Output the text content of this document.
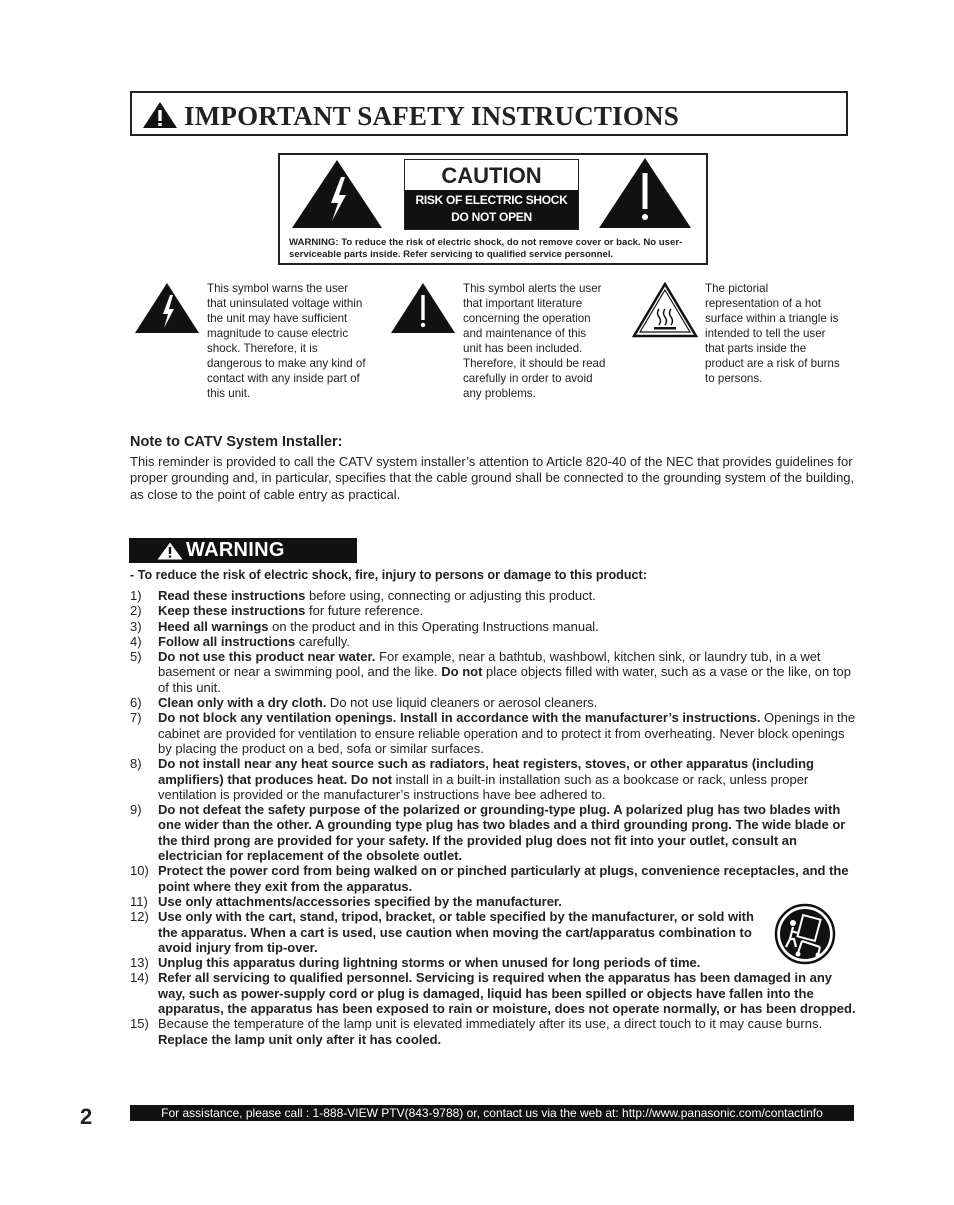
IMPORTANT SAFETY INSTRUCTIONS
CAUTION
RISK OF ELECTRIC SHOCK
DO NOT OPEN
WARNING: To reduce the risk of electric shock, do not remove cover or back. No user-serviceable parts inside. Refer servicing to qualified service personnel.
This symbol warns the user that uninsulated voltage within the unit may have sufficient magnitude to cause electric shock. Therefore, it is dangerous to make any kind of contact with any inside part of this unit.
This symbol alerts the user that important literature concerning the operation and maintenance of this unit has been included. Therefore, it should be read carefully in order to avoid any problems.
The pictorial representation of a hot surface within a triangle is intended to tell the user that parts inside the product are a risk of burns to persons.
Note to CATV System Installer:
This reminder is provided to call the CATV system installer’s attention to Article 820-40 of the NEC that provides guidelines for proper grounding and, in particular, specifies that the cable ground shall be connected to the grounding system of the building, as close to the point of cable entry as practical.
WARNING
- To reduce the risk of electric shock, fire, injury to persons or damage to this product:
1) Read these instructions before using, connecting or adjusting this product.
2) Keep these instructions for future reference.
3) Heed all warnings on the product and in this Operating Instructions manual.
4) Follow all instructions carefully.
5) Do not use this product near water. For example, near a bathtub, washbowl, kitchen sink, or laundry tub, in a wet basement or near a swimming pool, and the like. Do not place objects filled with water, such as a vase or the like, on top of this unit.
6) Clean only with a dry cloth. Do not use liquid cleaners or aerosol cleaners.
7) Do not block any ventilation openings. Install in accordance with the manufacturer’s instructions. Openings in the cabinet are provided for ventilation to ensure reliable operation and to protect it from overheating. Never block openings by placing the product on a bed, sofa or similar surfaces.
8) Do not install near any heat source such as radiators, heat registers, stoves, or other apparatus (including amplifiers) that produces heat. Do not install in a built-in installation such as a bookcase or rack, unless proper ventilation is provided or the manufacturer’s instructions have bee adhered to.
9) Do not defeat the safety purpose of the polarized or grounding-type plug. A polarized plug has two blades with one wider than the other. A grounding type plug has two blades and a third grounding prong. The wide blade or the third prong are provided for your safety. If the provided plug does not fit into your outlet, consult an electrician for replacement of the obsolete outlet.
10) Protect the power cord from being walked on or pinched particularly at plugs, convenience receptacles, and the point where they exit from the apparatus.
11) Use only attachments/accessories specified by the manufacturer.
12) Use only with the cart, stand, tripod, bracket, or table specified by the manufacturer, or sold with the apparatus. When a cart is used, use caution when moving the cart/apparatus combination to avoid injury from tip-over.
13) Unplug this apparatus during lightning storms or when unused for long periods of time.
14) Refer all servicing to qualified personnel. Servicing is required when the apparatus has been damaged in any way, such as power-supply cord or plug is damaged, liquid has been spilled or objects have fallen into the apparatus, the apparatus has been exposed to rain or moisture, does not operate normally, or has been dropped.
15) Because the temperature of the lamp unit is elevated immediately after its use, a direct touch to it may cause burns. Replace the lamp unit only after it has cooled.
2	For assistance, please call : 1-888-VIEW PTV(843-9788) or, contact us via the web at: http://www.panasonic.com/contactinfo
